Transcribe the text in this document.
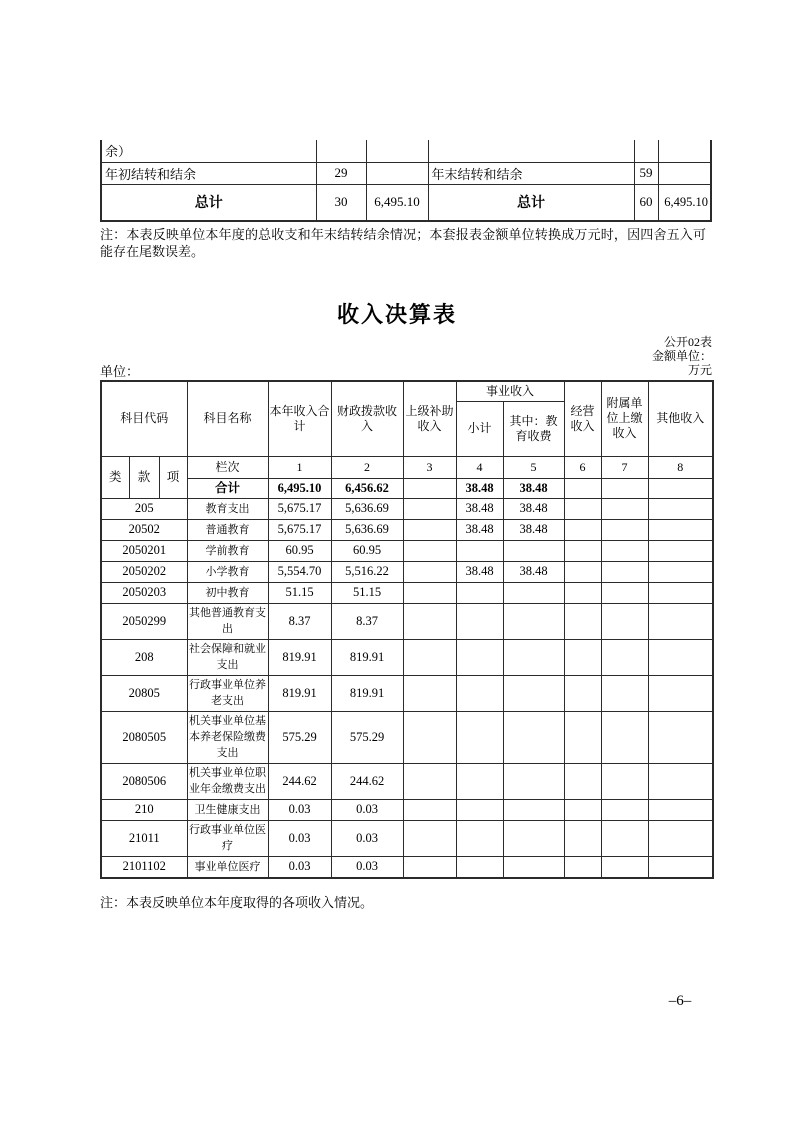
余）					
年初结转和结余	29		年末结转和结余	59	
总计	30	6,495.10	总计	60	6,495.10
注：本表反映单位本年度的总收支和年末结转结余情况；本套报表金额单位转换成万元时，因四舍五入可能存在尾数误差。
收入决算表
公开02表
金额单位：
万元
单位：
科目代码			科目名称	本年收入合计	财政拨款收入	上级补助收入	事业收入		经营收入	附属单位上缴收入	其他收入
							小计	其中：教育收费			
类	款	项	栏次	1	2	3	4	5	6	7	8
			合计	6,495.10	6,456.62		38.48	38.48			
205			教育支出	5,675.17	5,636.69		38.48	38.48			
20502			普通教育	5,675.17	5,636.69		38.48	38.48			
2050201			学前教育	60.95	60.95						
2050202			小学教育	5,554.70	5,516.22		38.48	38.48			
2050203			初中教育	51.15	51.15						
2050299			其他普通教育支出	8.37	8.37						
208			社会保障和就业支出	819.91	819.91						
20805			行政事业单位养老支出	819.91	819.91						
2080505			机关事业单位基本养老保险缴费支出	575.29	575.29						
2080506			机关事业单位职业年金缴费支出	244.62	244.62						
210			卫生健康支出	0.03	0.03						
21011			行政事业单位医疗	0.03	0.03						
2101102			事业单位医疗	0.03	0.03						
注：本表反映单位本年度取得的各项收入情况。
–6–
